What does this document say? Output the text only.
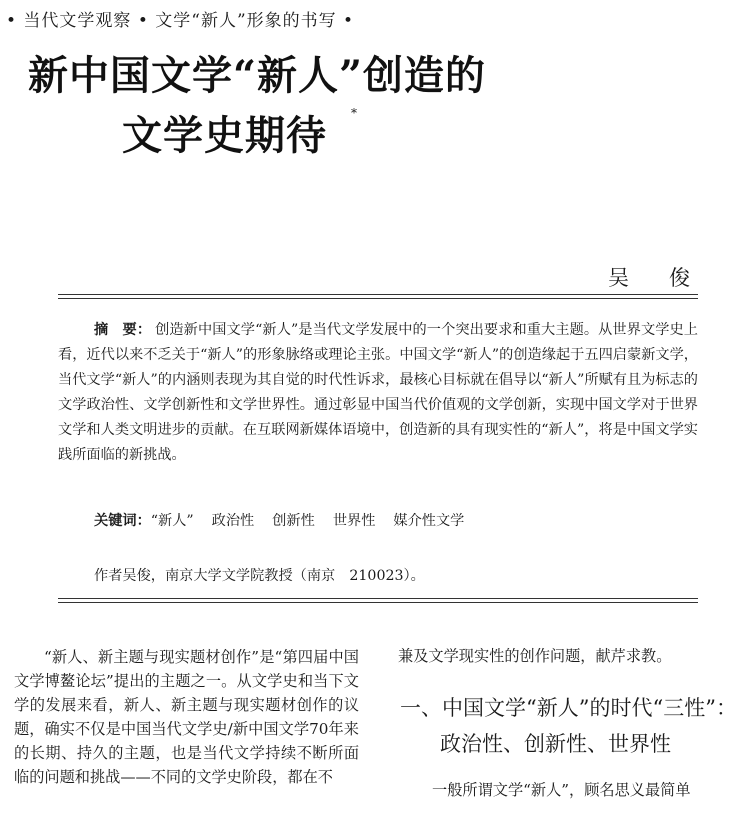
• 当代文学观察 • 文学“新人”形象的书写 •
新中国文学“新人”创造的
文学史期待 *
吴俊
摘　要： 创造新中国文学“新人”是当代文学发展中的一个突出要求和重大主题。从世界文学史上看，近代以来不乏关于“新人”的形象脉络或理论主张。中国文学“新人”的创造缘起于五四启蒙新文学，当代文学“新人”的内涵则表现为其自觉的时代性诉求，最核心目标就在倡导以“新人”所赋有且为标志的文学政治性、文学创新性和文学世界性。通过彰显中国当代价值观的文学创新，实现中国文学对于世界文学和人类文明进步的贡献。在互联网新媒体语境中，创造新的具有现实性的“新人”，将是中国文学实践所面临的新挑战。
关键词：“新人” 政治性 创新性 世界性 媒介性文学
作者吴俊，南京大学文学院教授（南京　210023）。
“新人、新主题与现实题材创作”是“第四届中国文学博鳌论坛”提出的主题之一。从文学史和当下文学的发展来看，新人、新主题与现实题材创作的议题，确实不仅是中国当代文学史/新中国文学70年来的长期、持久的主题，也是当代文学持续不断所面临的问题和挑战——不同的文学史阶段，都在不
兼及文学现实性的创作问题，献芹求教。
一、中国文学“新人”的时代“三性”：
政治性、创新性、世界性
一般所谓文学“新人”，顾名思义最简单
